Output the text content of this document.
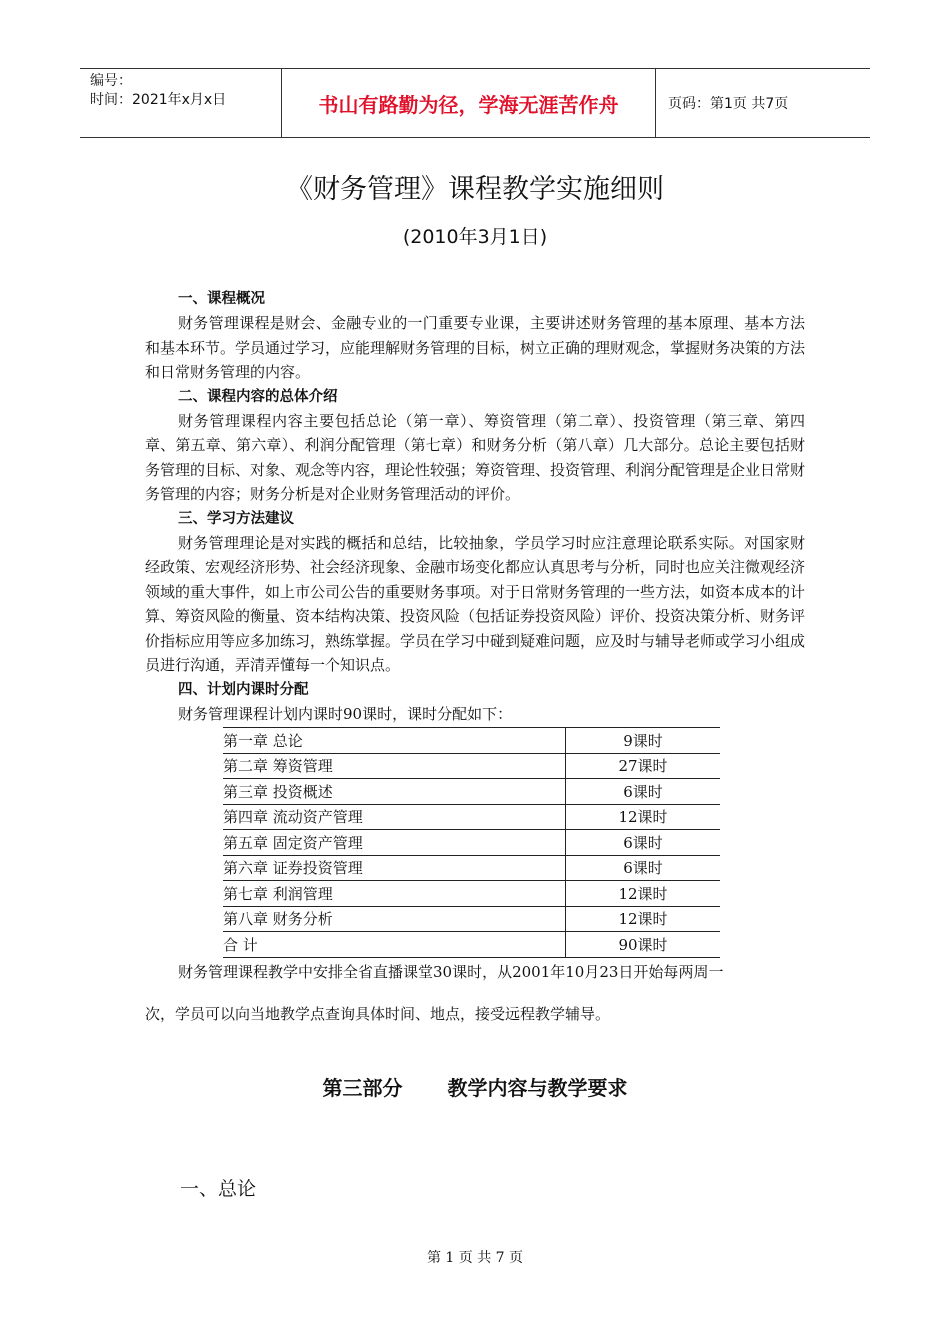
编号：
时间：2021年x月x日	书山有路勤为径，学海无涯苦作舟	页码：第1页 共7页
《财务管理》课程教学实施细则
(2010年3月1日)
一、课程概况

财务管理课程是财会、金融专业的一门重要专业课，主要讲述财务管理的基本原理、基本方法和基本环节。学员通过学习，应能理解财务管理的目标，树立正确的理财观念，掌握财务决策的方法和日常财务管理的内容。

二、课程内容的总体介绍

财务管理课程内容主要包括总论（第一章）、筹资管理（第二章）、投资管理（第三章、第四章、第五章、第六章）、利润分配管理（第七章）和财务分析（第八章）几大部分。总论主要包括财务管理的目标、对象、观念等内容，理论性较强；筹资管理、投资管理、利润分配管理是企业日常财务管理的内容；财务分析是对企业财务管理活动的评价。

三、学习方法建议

财务管理理论是对实践的概括和总结，比较抽象，学员学习时应注意理论联系实际。对国家财经政策、宏观经济形势、社会经济现象、金融市场变化都应认真思考与分析，同时也应关注微观经济领域的重大事件，如上市公司公告的重要财务事项。对于日常财务管理的一些方法，如资本成本的计算、筹资风险的衡量、资本结构决策、投资风险（包括证券投资风险）评价、投资决策分析、财务评价指标应用等应多加练习，熟练掌握。学员在学习中碰到疑难问题，应及时与辅导老师或学习小组成员进行沟通，弄清弄懂每一个知识点。

四、计划内课时分配

财务管理课程计划内课时90课时，课时分配如下：

第一章 总论	9课时
第二章 筹资管理	27课时
第三章 投资概述	6课时
第四章 流动资产管理	12课时
第五章 固定资产管理	6课时
第六章 证券投资管理	6课时
第七章 利润管理	12课时
第八章 财务分析	12课时
合 计	90课时

财务管理课程教学中安排全省直播课堂30课时，从2001年10月23日开始每两周一

次，学员可以向当地教学点查询具体时间、地点，接受远程教学辅导。

第三部分 教学内容与教学要求
一、总论
第 1 页 共 7 页
